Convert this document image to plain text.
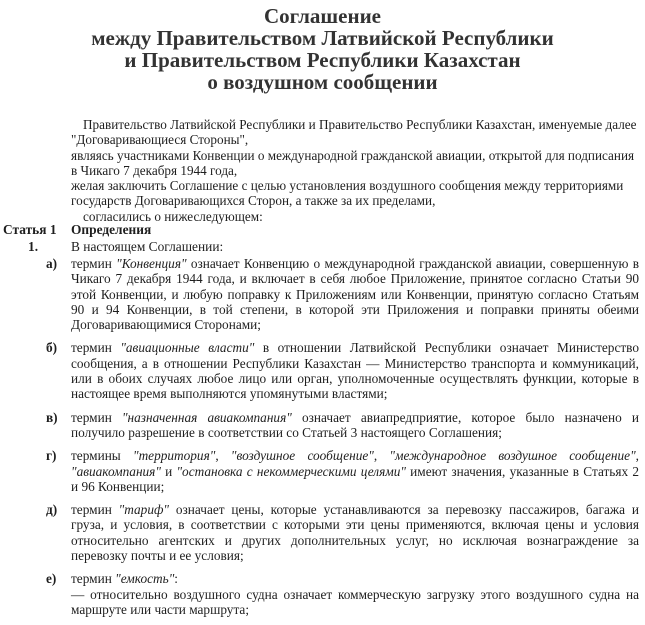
Соглашение
между Правительством Латвийской Республики
и Правительством Республики Казахстан
о воздушном сообщении

Правительство Латвийской Республики и Правительство Республики Казахстан, именуемые далее "Договаривающиеся Стороны",

являясь участниками Конвенции о международной гражданской авиации, открытой для подписания в Чикаго 7 декабря 1944 года,

желая заключить Соглашение с целью установления воздушного сообщения между территориями государств Договаривающихся Сторон, а также за их пределами,

согласились о нижеследующем:

Статья 1 Определения
1. В настоящем Соглашении:
а) термин "Конвенция" означает Конвенцию о международной гражданской авиации, совершенную в Чикаго 7 декабря 1944 года, и включает в себя любое Приложение, принятое согласно Статьи 90 этой Конвенции, и любую поправку к Приложениям или Конвенции, принятую согласно Статьям 90 и 94 Конвенции, в той степени, в которой эти Приложения и поправки приняты обеими Договаривающимися Сторонами;
б) термин "авиационные власти" в отношении Латвийской Республики означает Министерство сообщения, а в отношении Республики Казахстан — Министерство транспорта и коммуникаций, или в обоих случаях любое лицо или орган, уполномоченные осуществлять функции, которые в настоящее время выполняются упомянутыми властями;
в) термин "назначенная авиакомпания" означает авиапредприятие, которое было назначено и получило разрешение в соответствии со Статьей 3 настоящего Соглашения;
г) термины "территория", "воздушное сообщение", "международное воздушное сообщение", "авиакомпания" и "остановка с некоммерческими целями" имеют значения, указанные в Статьях 2 и 96 Конвенции;
д) термин "тариф" означает цены, которые устанавливаются за перевозку пассажиров, багажа и груза, и условия, в соответствии с которыми эти цены применяются, включая цены и условия относительно агентских и других дополнительных услуг, но исключая вознаграждение за перевозку почты и ее условия;
е) термин "емкость":
— относительно воздушного судна означает коммерческую загрузку этого воздушного судна на маршруте или части маршрута;
